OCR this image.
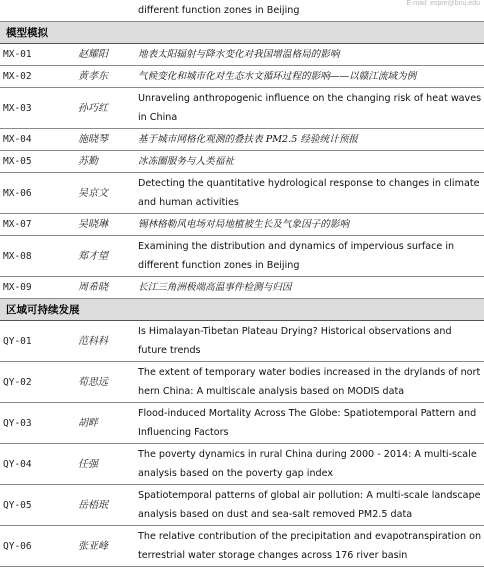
		different function zones in Beijing
模型模拟		
MX-01	赵耀阳	地表太阳辐射与降水变化对我国增温格局的影响
MX-02	黄孝东	气候变化和城市化对生态水文循环过程的影响——以赣江流域为例
MX-03	孙巧红	Unraveling anthropogenic influence on the changing risk of heat waves in China
MX-04	施晓琴	基于城市网格化观测的叠扶表 PM2.5 经验统计预报
MX-05	苏勤	冰冻圈服务与人类福祉
MX-06	吴京文	Detecting the quantitative hydrological response to changes in climate and human activities
MX-07	吴晓琳	锡林格勒风电场对局地植被生长及气象因子的影响
MX-08	郑才望	Examining the distribution and dynamics of impervious surface in different function zones in Beijing
MX-09	周希晓	长江三角洲极端高温事件检测与归因
区域可持续发展		
QY-01	范科科	Is Himalayan-Tibetan Plateau Drying? Historical observations and future trends
QY-02	荀思远	The extent of temporary water bodies increased in the drylands of nort hern China: A multiscale analysis based on MODIS data
QY-03	胡畔	Flood-induced Mortality Across The Globe: Spatiotemporal Pattern and Influencing Factors
QY-04	任强	The poverty dynamics in rural China during 2000 - 2014: A multi-scale analysis based on the poverty gap index
QY-05	岳梧珉	Spatiotemporal patterns of global air pollution: A multi-scale landscape analysis based on dust and sea-salt removed PM2.5 data
QY-06	张亚峰	The relative contribution of the precipitation and evapotranspiration on terrestrial water storage changes across 176 river basin
E-mail: espre@bnu.edu
